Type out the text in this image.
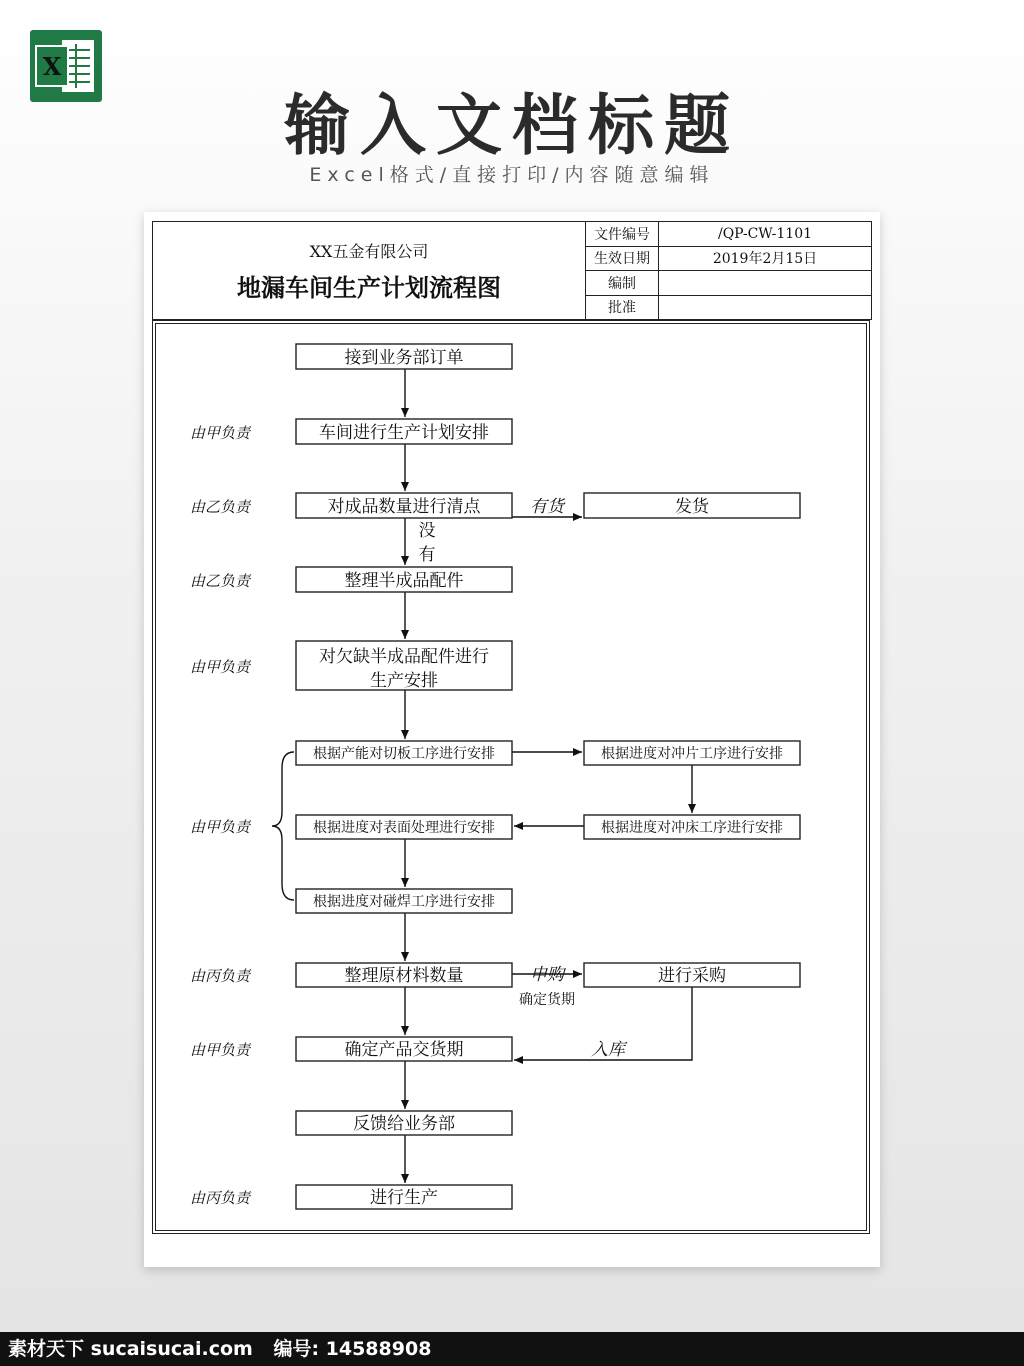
X
输入文档标题
Excel格式/直接打印/内容随意编辑
XX五金有限公司
地漏车间生产计划流程图	文件编号	/QP-CW-1101
	生效日期	2019年2月15日
	编制	
	批准	
接到业务部订单
车间进行生产计划安排
对成品数量进行清点	发货
整理半成品配件
对欠缺半成品配件进行
生产安排
根据产能对切板工序进行安排	根据进度对冲片工序进行安排
根据进度对表面处理进行安排	根据进度对冲床工序进行安排
根据进度对碰焊工序进行安排
整理原材料数量	进行采购
确定产品交货期
反馈给业务部
进行生产
有货
没
有
申购
确定货期
入库
由甲负责
由乙负责
由乙负责
由甲负责
由甲负责
由丙负责
由甲负责
由丙负责
素材天下 sucaisucai.com 编号: 14588908
